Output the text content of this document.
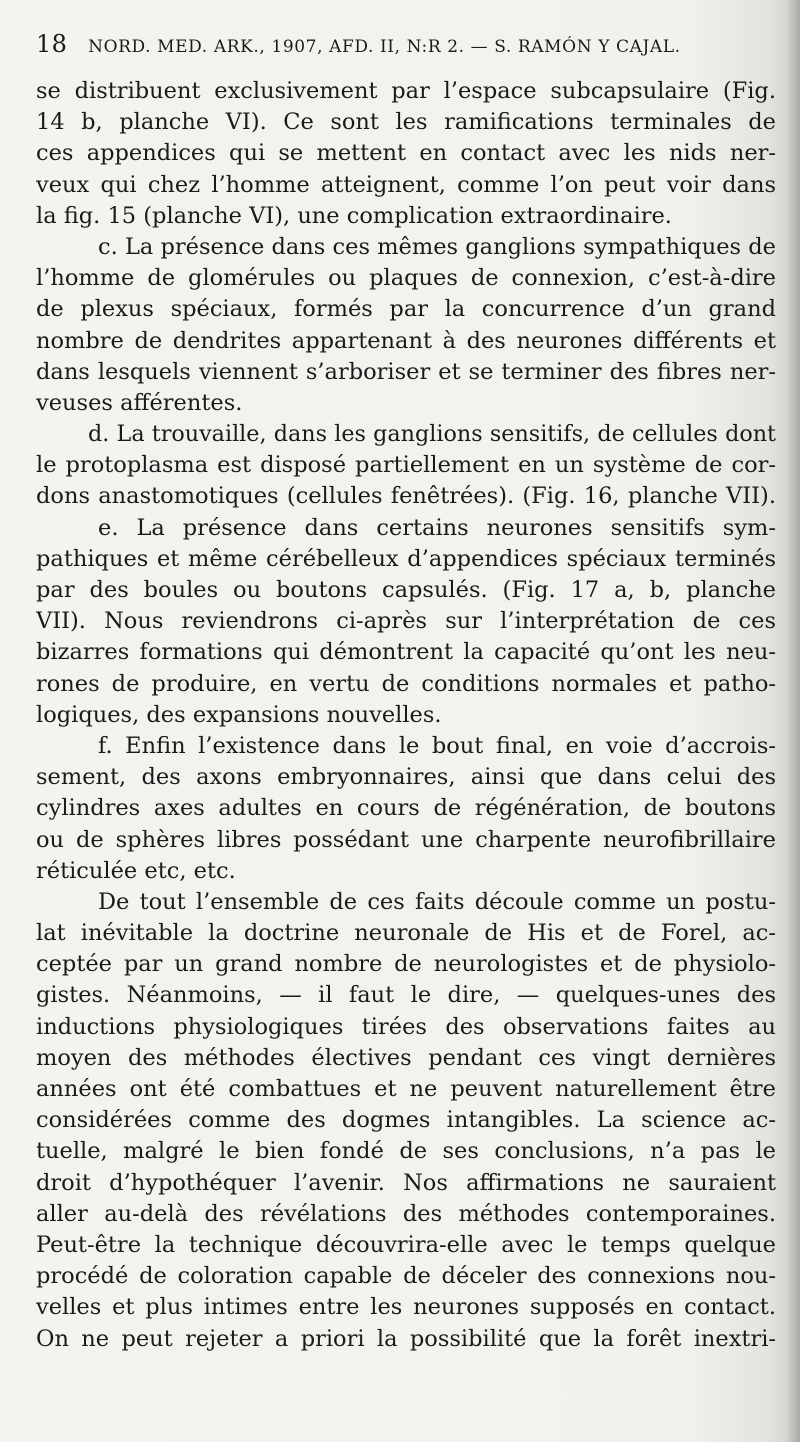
18 NORD. MED. ARK., 1907, AFD. II, N:R 2. — S. RAMÓN Y CAJAL.
se distribuent exclusivement par l’espace subcapsulaire (Fig.
14 b, planche VI). Ce sont les ramifications terminales de
ces appendices qui se mettent en contact avec les nids ner-
veux qui chez l’homme atteignent, comme l’on peut voir dans
la fig. 15 (planche VI), une complication extraordinaire.
c. La présence dans ces mêmes ganglions sympathiques de
l’homme de glomérules ou plaques de connexion, c’est-à-dire
de plexus spéciaux, formés par la concurrence d’un grand
nombre de dendrites appartenant à des neurones différents et
dans lesquels viennent s’arboriser et se terminer des fibres ner-
veuses afférentes.
d. La trouvaille, dans les ganglions sensitifs, de cellules dont
le protoplasma est disposé partiellement en un système de cor-
dons anastomotiques (cellules fenêtrées). (Fig. 16, planche VII).
e. La présence dans certains neurones sensitifs sym-
pathiques et même cérébelleux d’appendices spéciaux terminés
par des boules ou boutons capsulés. (Fig. 17 a, b, planche
VII). Nous reviendrons ci-après sur l’interprétation de ces
bizarres formations qui démontrent la capacité qu’ont les neu-
rones de produire, en vertu de conditions normales et patho-
logiques, des expansions nouvelles.
f. Enfin l’existence dans le bout final, en voie d’accrois-
sement, des axons embryonnaires, ainsi que dans celui des
cylindres axes adultes en cours de régénération, de boutons
ou de sphères libres possédant une charpente neurofibrillaire
réticulée etc, etc.
De tout l’ensemble de ces faits découle comme un postu-
lat inévitable la doctrine neuronale de His et de Forel, ac-
ceptée par un grand nombre de neurologistes et de physiolo-
gistes. Néanmoins, — il faut le dire, — quelques-unes des
inductions physiologiques tirées des observations faites au
moyen des méthodes électives pendant ces vingt dernières
années ont été combattues et ne peuvent naturellement être
considérées comme des dogmes intangibles. La science ac-
tuelle, malgré le bien fondé de ses conclusions, n’a pas le
droit d’hypothéquer l’avenir. Nos affirmations ne sauraient
aller au-delà des révélations des méthodes contemporaines.
Peut-être la technique découvrira-elle avec le temps quelque
procédé de coloration capable de déceler des connexions nou-
velles et plus intimes entre les neurones supposés en contact.
On ne peut rejeter a priori la possibilité que la forêt inextri-
